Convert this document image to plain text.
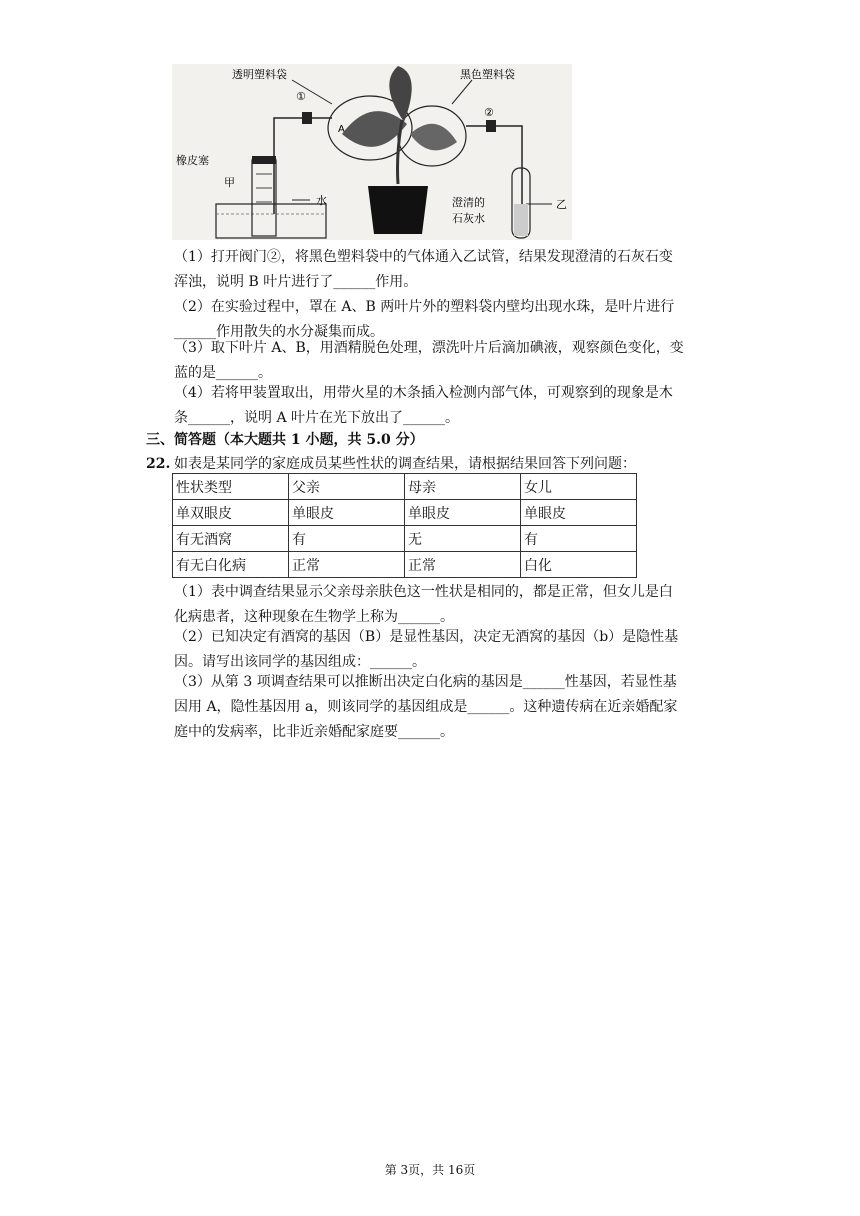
透明塑料袋	黑色塑料袋
①
②
橡皮塞
甲
水	澄清的
石灰水
乙
A

（1）打开阀门②，将黑色塑料袋中的气体通入乙试管，结果发现澄清的石灰石变
浑浊，说明 B 叶片进行了______作用。

（2）在实验过程中，罩在 A、B 两叶片外的塑料袋内壁均出现水珠，是叶片进行
______作用散失的水分凝集而成。

（3）取下叶片 A、B，用酒精脱色处理，漂洗叶片后滴加碘液，观察颜色变化，变
蓝的是______。

（4）若将甲装置取出，用带火星的木条插入检测内部气体，可观察到的现象是木
条______，说明 A 叶片在光下放出了______。

三、简答题（本大题共 1 小题，共 5.0 分）
22. 如表是某同学的家庭成员某些性状的调查结果，请根据结果回答下列问题：
性状类型	父亲	母亲	女儿
单双眼皮	单眼皮	单眼皮	单眼皮
有无酒窝	有	无	有
有无白化病	正常	正常	白化

（1）表中调查结果显示父亲母亲肤色这一性状是相同的，都是正常，但女儿是白
化病患者，这种现象在生物学上称为______。

（2）已知决定有酒窝的基因（B）是显性基因，决定无酒窝的基因（b）是隐性基
因。请写出该同学的基因组成：______。

（3）从第 3 项调查结果可以推断出决定白化病的基因是______性基因，若显性基
因用 A，隐性基因用 a，则该同学的基因组成是______。这种遗传病在近亲婚配家
庭中的发病率，比非近亲婚配家庭要______。

第 3页，共 16页
